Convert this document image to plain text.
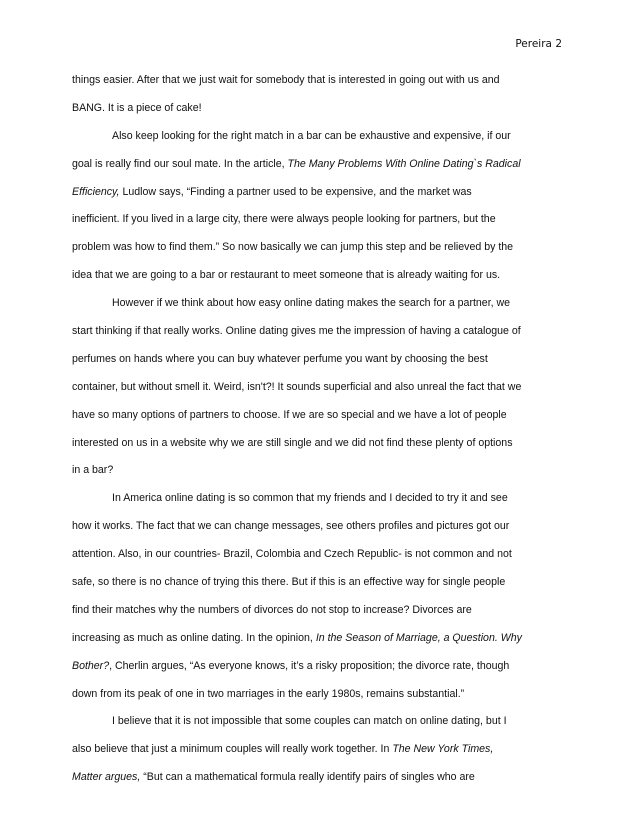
Pereira 2
things easier. After that we just wait for somebody that is interested in going out with us and
BANG. It is a piece of cake!
Also keep looking for the right match in a bar can be exhaustive and expensive, if our
goal is really find our soul mate. In the article, The Many Problems With Online Dating`s Radical
Efficiency, Ludlow says, “Finding a partner used to be expensive, and the market was
inefficient. If you lived in a large city, there were always people looking for partners, but the
problem was how to find them.” So now basically we can jump this step and be relieved by the
idea that we are going to a bar or restaurant to meet someone that is already waiting for us.
However if we think about how easy online dating makes the search for a partner, we
start thinking if that really works. Online dating gives me the impression of having a catalogue of
perfumes on hands where you can buy whatever perfume you want by choosing the best
container, but without smell it. Weird, isn't?! It sounds superficial and also unreal the fact that we
have so many options of partners to choose. If we are so special and we have a lot of people
interested on us in a website why we are still single and we did not find these plenty of options
in a bar?
In America online dating is so common that my friends and I decided to try it and see
how it works. The fact that we can change messages, see others profiles and pictures got our
attention. Also, in our countries- Brazil, Colombia and Czech Republic- is not common and not
safe, so there is no chance of trying this there. But if this is an effective way for single people
find their matches why the numbers of divorces do not stop to increase? Divorces are
increasing as much as online dating. In the opinion, In the Season of Marriage, a Question. Why
Bother?, Cherlin argues, “As everyone knows, it’s a risky proposition; the divorce rate, though
down from its peak of one in two marriages in the early 1980s, remains substantial.”
I believe that it is not impossible that some couples can match on online dating, but I
also believe that just a minimum couples will really work together. In The New York Times,
Matter argues, “But can a mathematical formula really identify pairs of singles who are
